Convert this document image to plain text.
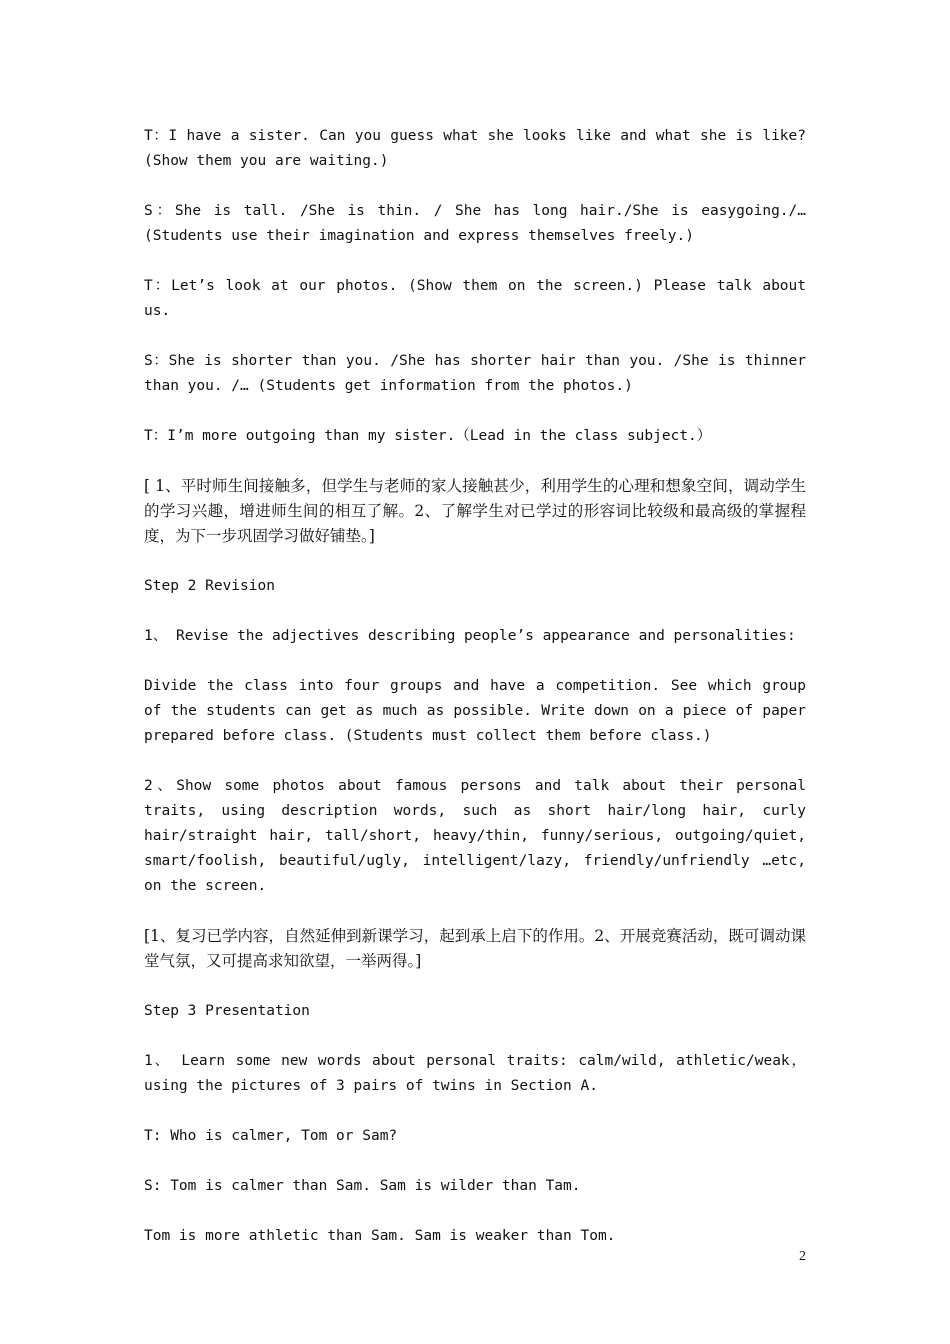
T：I have a sister. Can you guess what she looks like and what she is like?(Show them you are waiting.)

S：She is tall. /She is thin. / She has long hair./She is easygoing./…(Students use their imagination and express themselves freely.)

T：Let’s look at our photos. (Show them on the screen.) Please talk about us.

S：She is shorter than you. /She has shorter hair than you. /She is thinner than you. /… (Students get information from the photos.)

T：I’m more outgoing than my sister.（Lead in the class subject.）

[ 1、平时师生间接触多，但学生与老师的家人接触甚少，利用学生的心理和想象空间，调动学生的学习兴趣，增进师生间的相互了解。2、了解学生对已学过的形容词比较级和最高级的掌握程度，为下一步巩固学习做好铺垫。]

Step 2 Revision

1、 Revise the adjectives describing people’s appearance and personalities:

Divide the class into four groups and have a competition. See which group of the students can get as much as possible. Write down on a piece of paper prepared before class. (Students must collect them before class.)

2、Show some photos about famous persons and talk about their personal traits, using description words, such as short hair/long hair, curly hair/straight hair, tall/short, heavy/thin, funny/serious, outgoing/quiet, smart/foolish, beautiful/ugly, intelligent/lazy, friendly/unfriendly …etc, on the screen.

[1、复习已学内容，自然延伸到新课学习，起到承上启下的作用。2、开展竞赛活动，既可调动课堂气氛，又可提高求知欲望，一举两得。]

Step 3 Presentation

1、 Learn some new words about personal traits: calm/wild, athletic/weak，using the pictures of 3 pairs of twins in Section A.

T: Who is calmer, Tom or Sam?

S: Tom is calmer than Sam. Sam is wilder than Tam.

Tom is more athletic than Sam. Sam is weaker than Tom.

2
